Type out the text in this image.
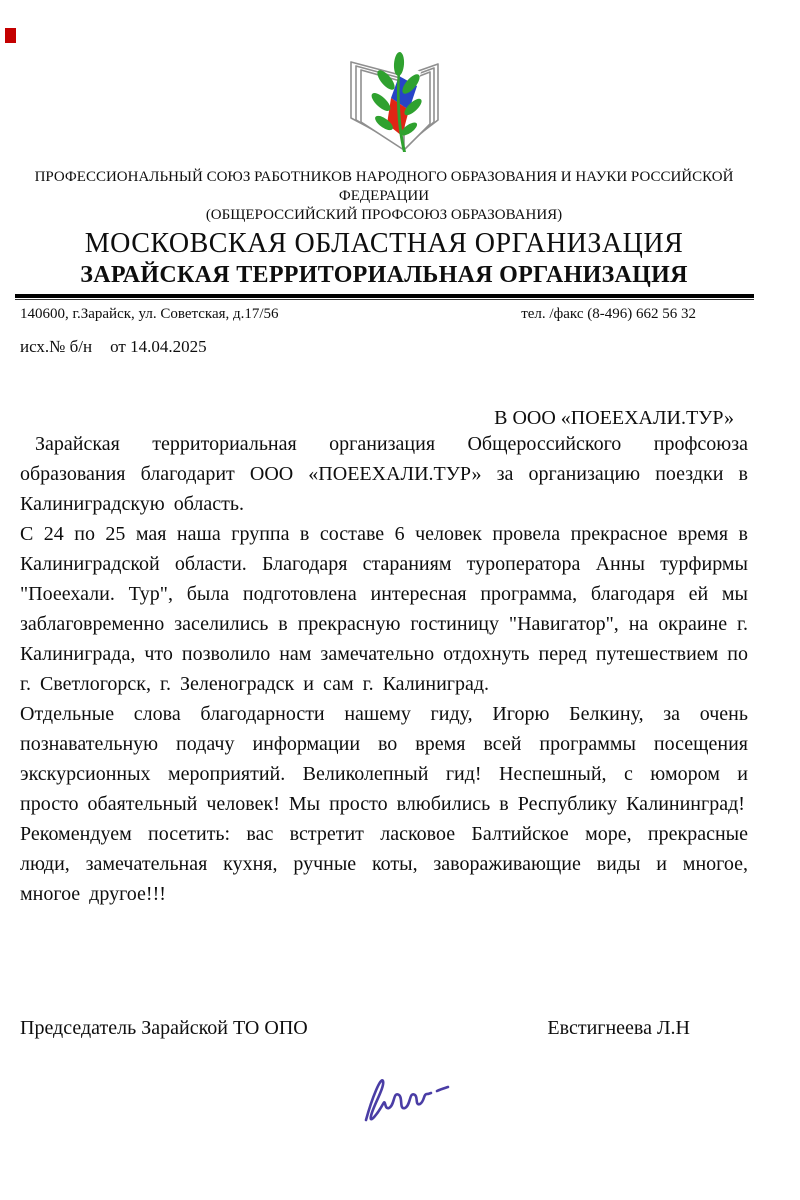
ПРОФЕССИОНАЛЬНЫЙ СОЮЗ РАБОТНИКОВ НАРОДНОГО ОБРАЗОВАНИЯ И НАУКИ РОССИЙСКОЙ
ФЕДЕРАЦИИ
(ОБЩЕРОССИЙСКИЙ ПРОФСОЮЗ ОБРАЗОВАНИЯ)
МОСКОВСКАЯ ОБЛАСТНАЯ ОРГАНИЗАЦИЯ
ЗАРАЙСКАЯ ТЕРРИТОРИАЛЬНАЯ ОРГАНИЗАЦИЯ
140600, г.Зарайск, ул. Советская, д.17/56	тел. /факс (8-496) 662 56 32
исх.№ б/н от 14.04.2025
В ООО «ПОЕЕХАЛИ.ТУР»

Зарайская территориальная организация Общероссийского профсоюза образования благодарит ООО «ПОЕЕХАЛИ.ТУР» за организацию поездки в Калиниградскую область.

С 24 по 25 мая наша группа в составе 6 человек провела прекрасное время в Калиниградской области. Благодаря стараниям туроператора Анны турфирмы "Поеехали. Тур", была подготовлена интересная программа, благодаря ей мы заблаговременно заселились в прекрасную гостиницу "Навигатор", на окраине г. Калиниграда, что позволило нам замечательно отдохнуть перед путешествием по г. Светлогорск, г. Зеленоградск и сам г. Калиниград.

Отдельные слова благодарности нашему гиду, Игорю Белкину, за очень познавательную подачу информации во время всей программы посещения экскурсионных мероприятий. Великолепный гид! Неспешный, с юмором и просто обаятельный человек! Мы просто влюбились в Республику Калининград!

Рекомендуем посетить: вас встретит ласковое Балтийское море, прекрасные люди, замечательная кухня, ручные коты, завораживающие виды и многое, многое другое!!!

Председатель Зарайской ТО ОПО	Евстигнеева Л.Н
